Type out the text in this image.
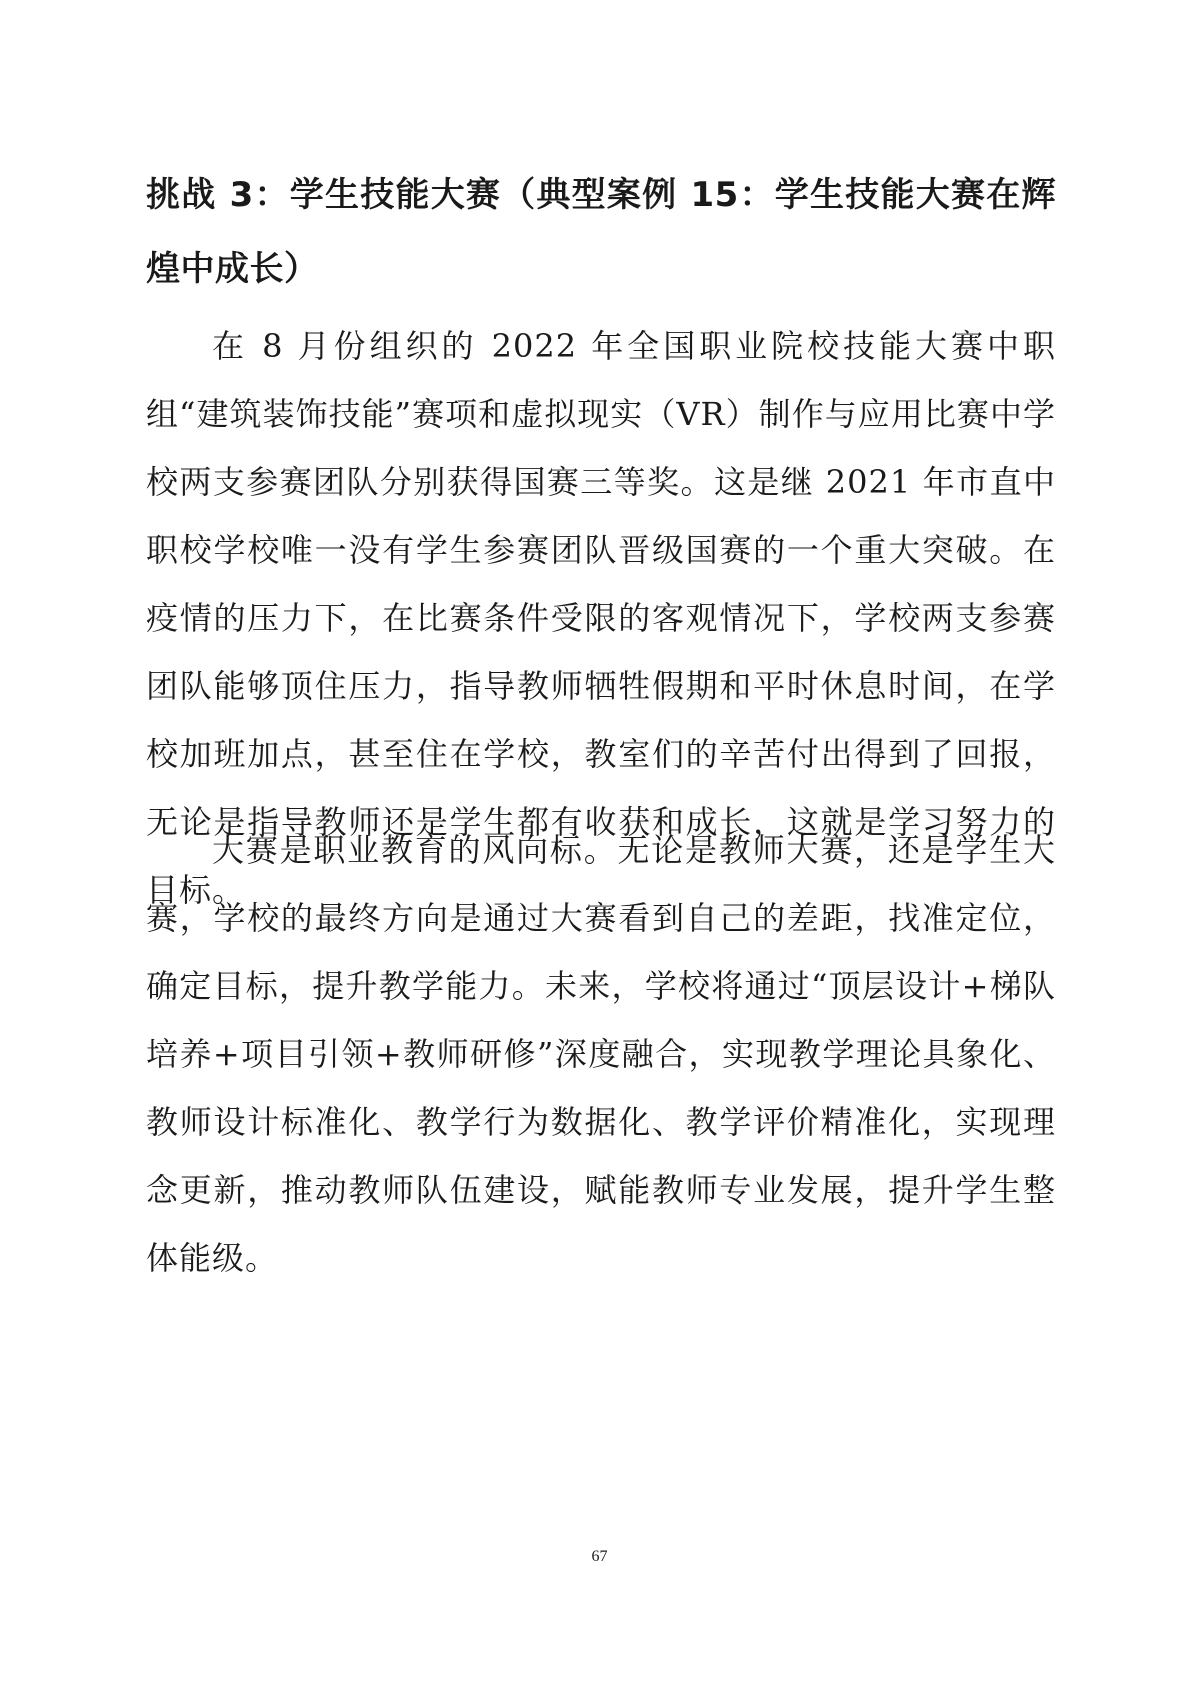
挑战 3：学生技能大赛（典型案例 15：学生技能大赛在辉煌中成长）

在 8 月份组织的 2022 年全国职业院校技能大赛中职组“建筑装饰技能”赛项和虚拟现实（VR）制作与应用比赛中学校两支参赛团队分别获得国赛三等奖。这是继 2021 年市直中职校学校唯一没有学生参赛团队晋级国赛的一个重大突破。在疫情的压力下，在比赛条件受限的客观情况下，学校两支参赛团队能够顶住压力，指导教师牺牲假期和平时休息时间，在学校加班加点，甚至住在学校，教室们的辛苦付出得到了回报，无论是指导教师还是学生都有收获和成长，这就是学习努力的目标。

大赛是职业教育的风向标。无论是教师大赛，还是学生大赛，学校的最终方向是通过大赛看到自己的差距，找准定位，确定目标，提升教学能力。未来，学校将通过“顶层设计+梯队培养+项目引领+教师研修”深度融合，实现教学理论具象化、教师设计标准化、教学行为数据化、教学评价精准化，实现理念更新，推动教师队伍建设，赋能教师专业发展，提升学生整体能级。

67
